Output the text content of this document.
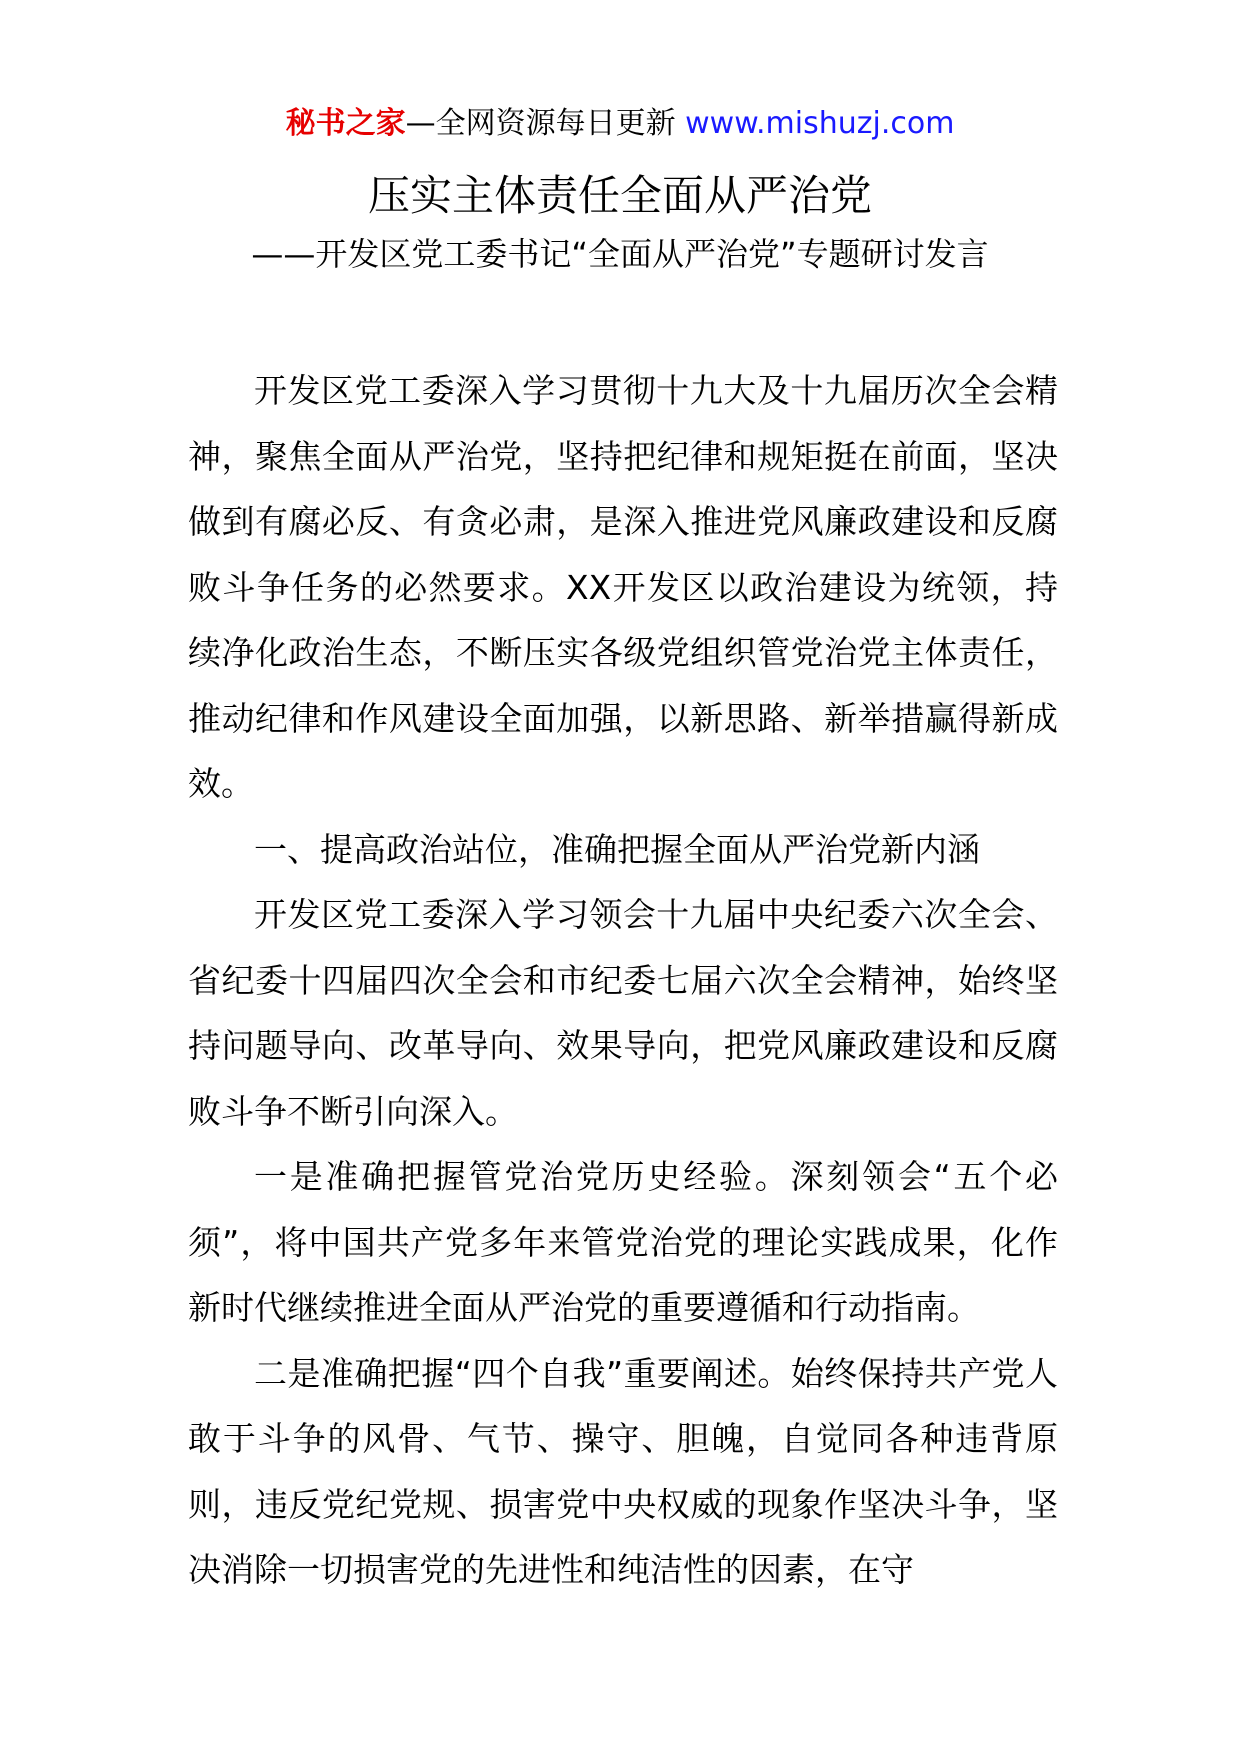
秘书之家—全网资源每日更新 www.mishuzj.com
压实主体责任全面从严治党
——开发区党工委书记“全面从严治党”专题研讨发言

开发区党工委深入学习贯彻十九大及十九届历次全会精神，聚焦全面从严治党，坚持把纪律和规矩挺在前面，坚决做到有腐必反、有贪必肃，是深入推进党风廉政建设和反腐败斗争任务的必然要求。XX开发区以政治建设为统领，持续净化政治生态，不断压实各级党组织管党治党主体责任，推动纪律和作风建设全面加强，以新思路、新举措赢得新成效。

一、提高政治站位，准确把握全面从严治党新内涵

开发区党工委深入学习领会十九届中央纪委六次全会、省纪委十四届四次全会和市纪委七届六次全会精神，始终坚持问题导向、改革导向、效果导向，把党风廉政建设和反腐败斗争不断引向深入。

一是准确把握管党治党历史经验。深刻领会“五个必须”，将中国共产党多年来管党治党的理论实践成果，化作新时代继续推进全面从严治党的重要遵循和行动指南。

二是准确把握“四个自我”重要阐述。始终保持共产党人敢于斗争的风骨、气节、操守、胆魄，自觉同各种违背原则，违反党纪党规、损害党中央权威的现象作坚决斗争，坚决消除一切损害党的先进性和纯洁性的因素，在守
